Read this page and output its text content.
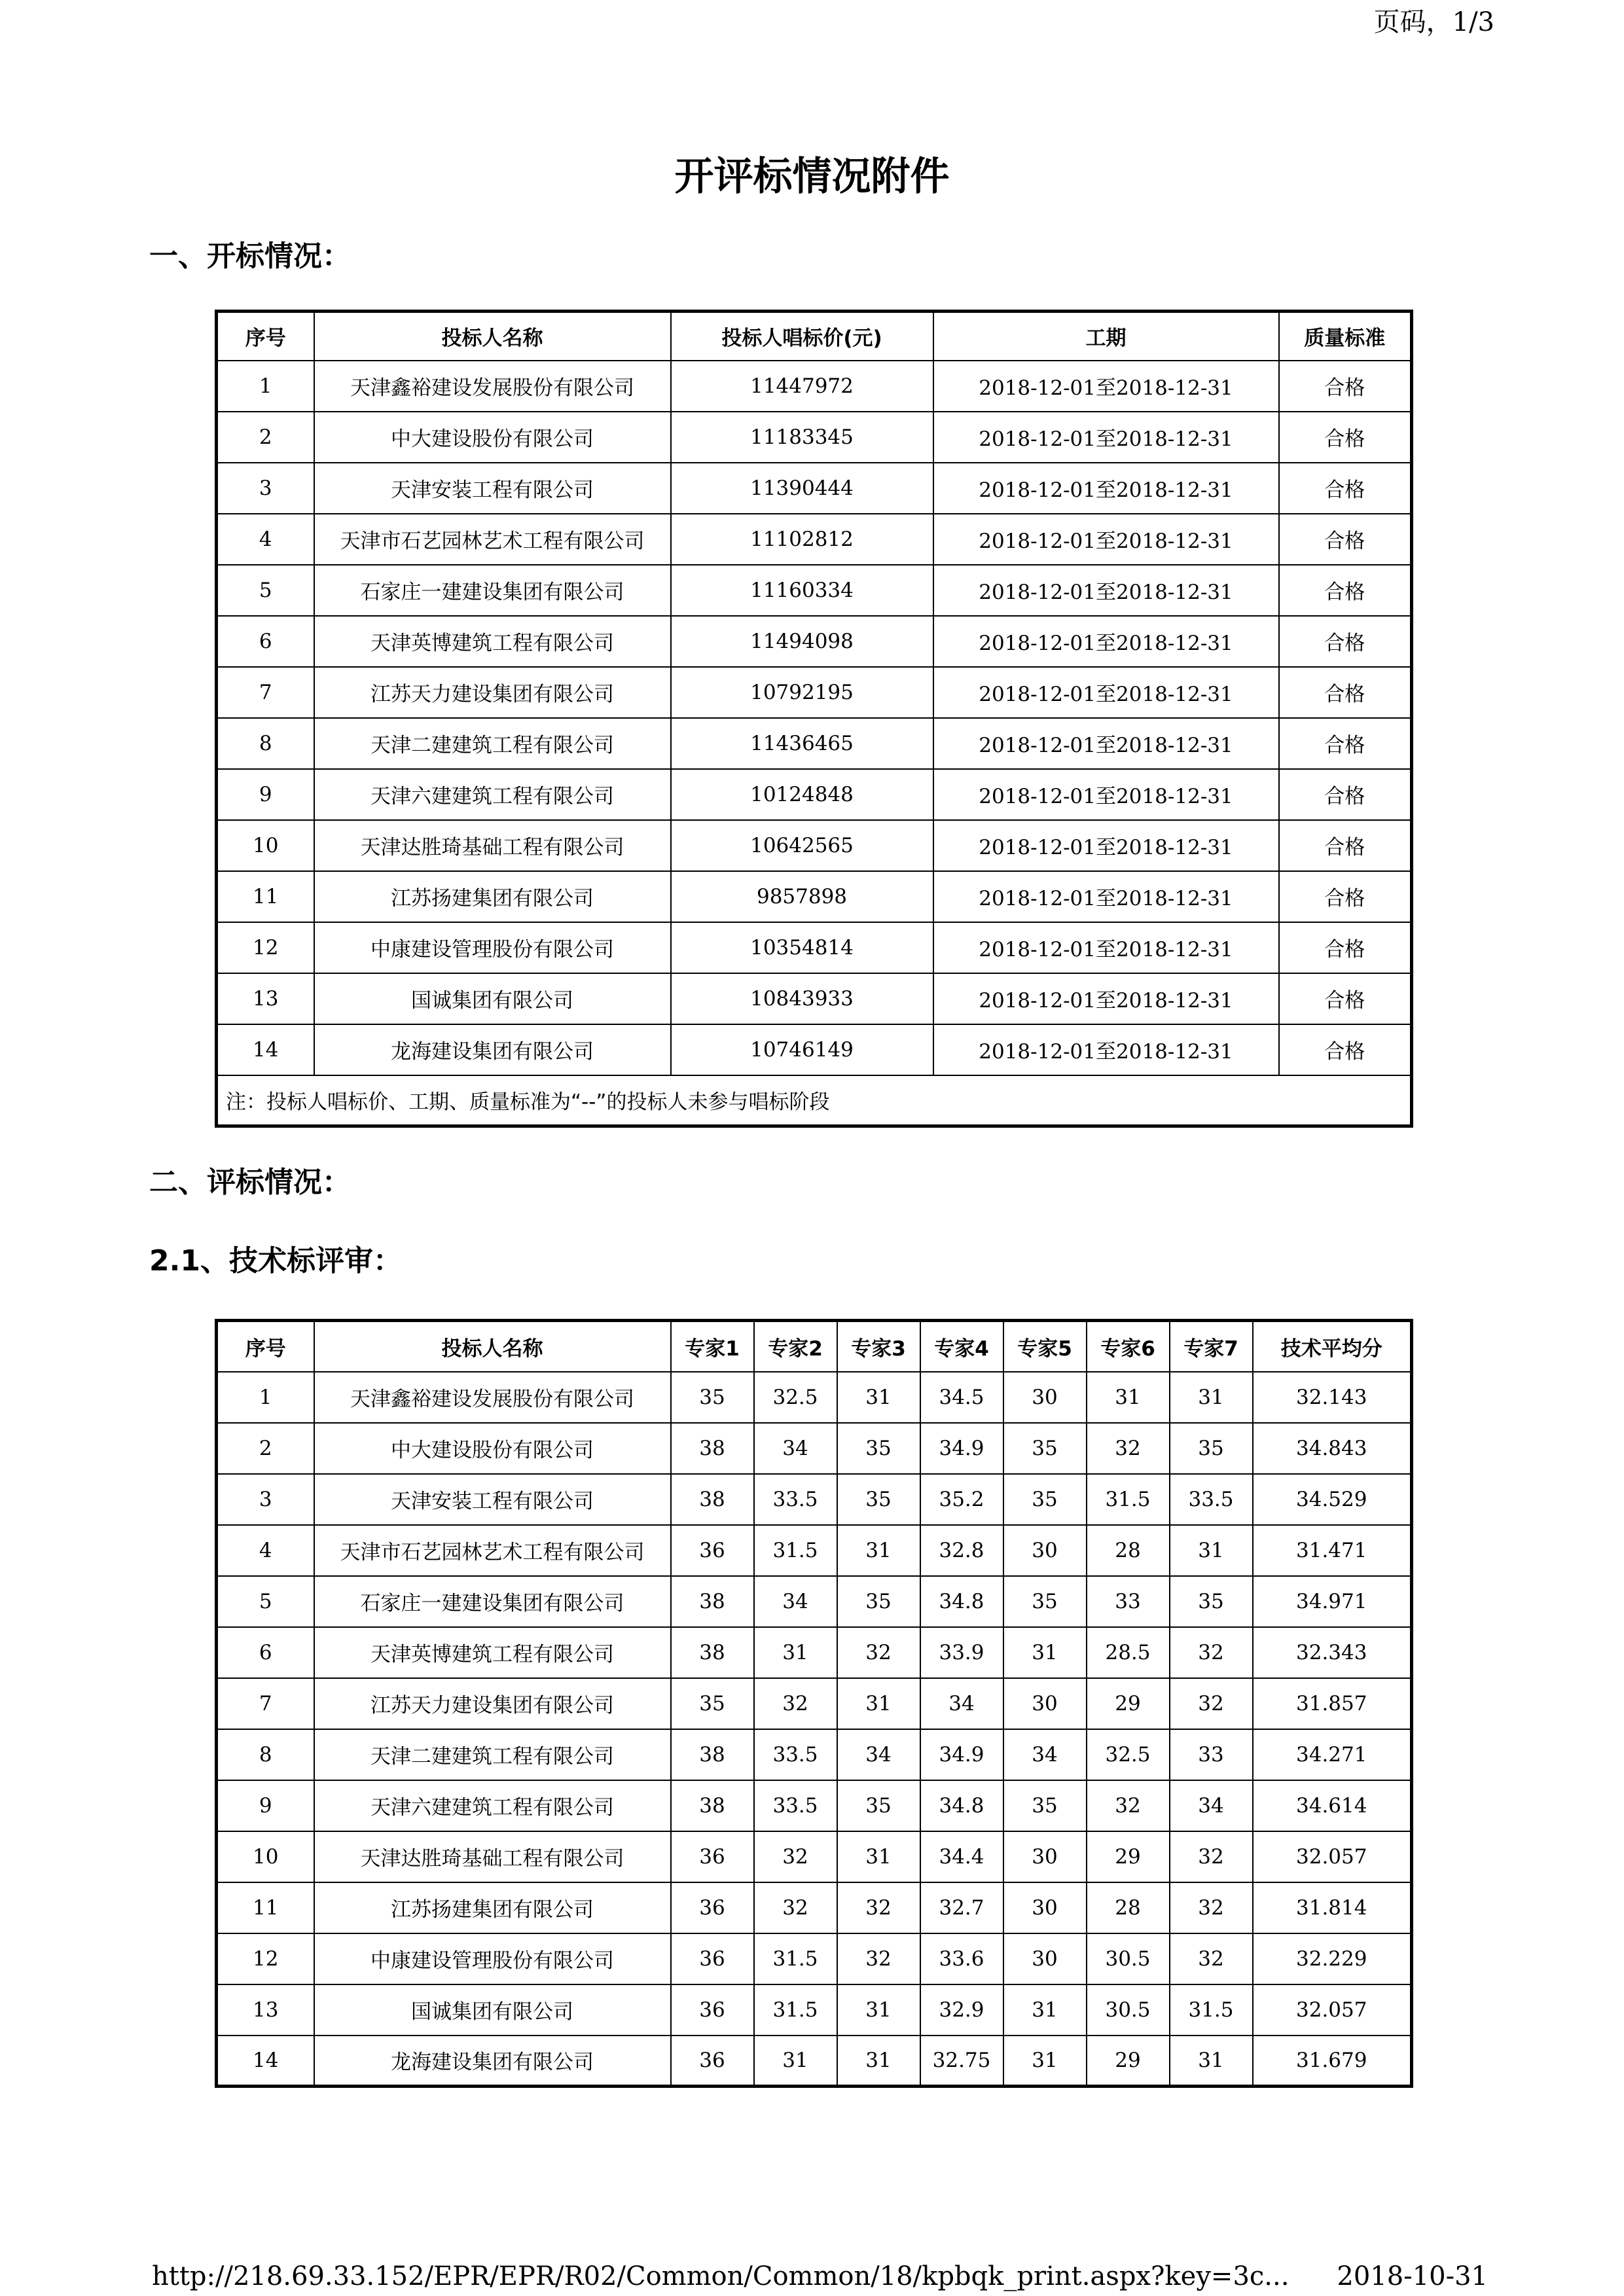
页码，1/3
开评标情况附件
一、开标情况：
序号	投标人名称	投标人唱标价(元)	工期	质量标准
1	天津鑫裕建设发展股份有限公司	11447972	2018-12-01至2018-12-31	合格
2	中大建设股份有限公司	11183345	2018-12-01至2018-12-31	合格
3	天津安装工程有限公司	11390444	2018-12-01至2018-12-31	合格
4	天津市石艺园林艺术工程有限公司	11102812	2018-12-01至2018-12-31	合格
5	石家庄一建建设集团有限公司	11160334	2018-12-01至2018-12-31	合格
6	天津英博建筑工程有限公司	11494098	2018-12-01至2018-12-31	合格
7	江苏天力建设集团有限公司	10792195	2018-12-01至2018-12-31	合格
8	天津二建建筑工程有限公司	11436465	2018-12-01至2018-12-31	合格
9	天津六建建筑工程有限公司	10124848	2018-12-01至2018-12-31	合格
10	天津达胜琦基础工程有限公司	10642565	2018-12-01至2018-12-31	合格
11	江苏扬建集团有限公司	9857898	2018-12-01至2018-12-31	合格
12	中康建设管理股份有限公司	10354814	2018-12-01至2018-12-31	合格
13	国诚集团有限公司	10843933	2018-12-01至2018-12-31	合格
14	龙海建设集团有限公司	10746149	2018-12-01至2018-12-31	合格
注：投标人唱标价、工期、质量标准为“--”的投标人未参与唱标阶段				
二、评标情况：
2.1、技术标评审：
序号	投标人名称	专家1	专家2	专家3	专家4	专家5	专家6	专家7	技术平均分
1	天津鑫裕建设发展股份有限公司	35	32.5	31	34.5	30	31	31	32.143
2	中大建设股份有限公司	38	34	35	34.9	35	32	35	34.843
3	天津安装工程有限公司	38	33.5	35	35.2	35	31.5	33.5	34.529
4	天津市石艺园林艺术工程有限公司	36	31.5	31	32.8	30	28	31	31.471
5	石家庄一建建设集团有限公司	38	34	35	34.8	35	33	35	34.971
6	天津英博建筑工程有限公司	38	31	32	33.9	31	28.5	32	32.343
7	江苏天力建设集团有限公司	35	32	31	34	30	29	32	31.857
8	天津二建建筑工程有限公司	38	33.5	34	34.9	34	32.5	33	34.271
9	天津六建建筑工程有限公司	38	33.5	35	34.8	35	32	34	34.614
10	天津达胜琦基础工程有限公司	36	32	31	34.4	30	29	32	32.057
11	江苏扬建集团有限公司	36	32	32	32.7	30	28	32	31.814
12	中康建设管理股份有限公司	36	31.5	32	33.6	30	30.5	32	32.229
13	国诚集团有限公司	36	31.5	31	32.9	31	30.5	31.5	32.057
14	龙海建设集团有限公司	36	31	31	32.75	31	29	31	31.679
http://218.69.33.152/EPR/EPR/R02/Common/Common/18/kpbqk_print.aspx?key=3c... 2018-10-31
